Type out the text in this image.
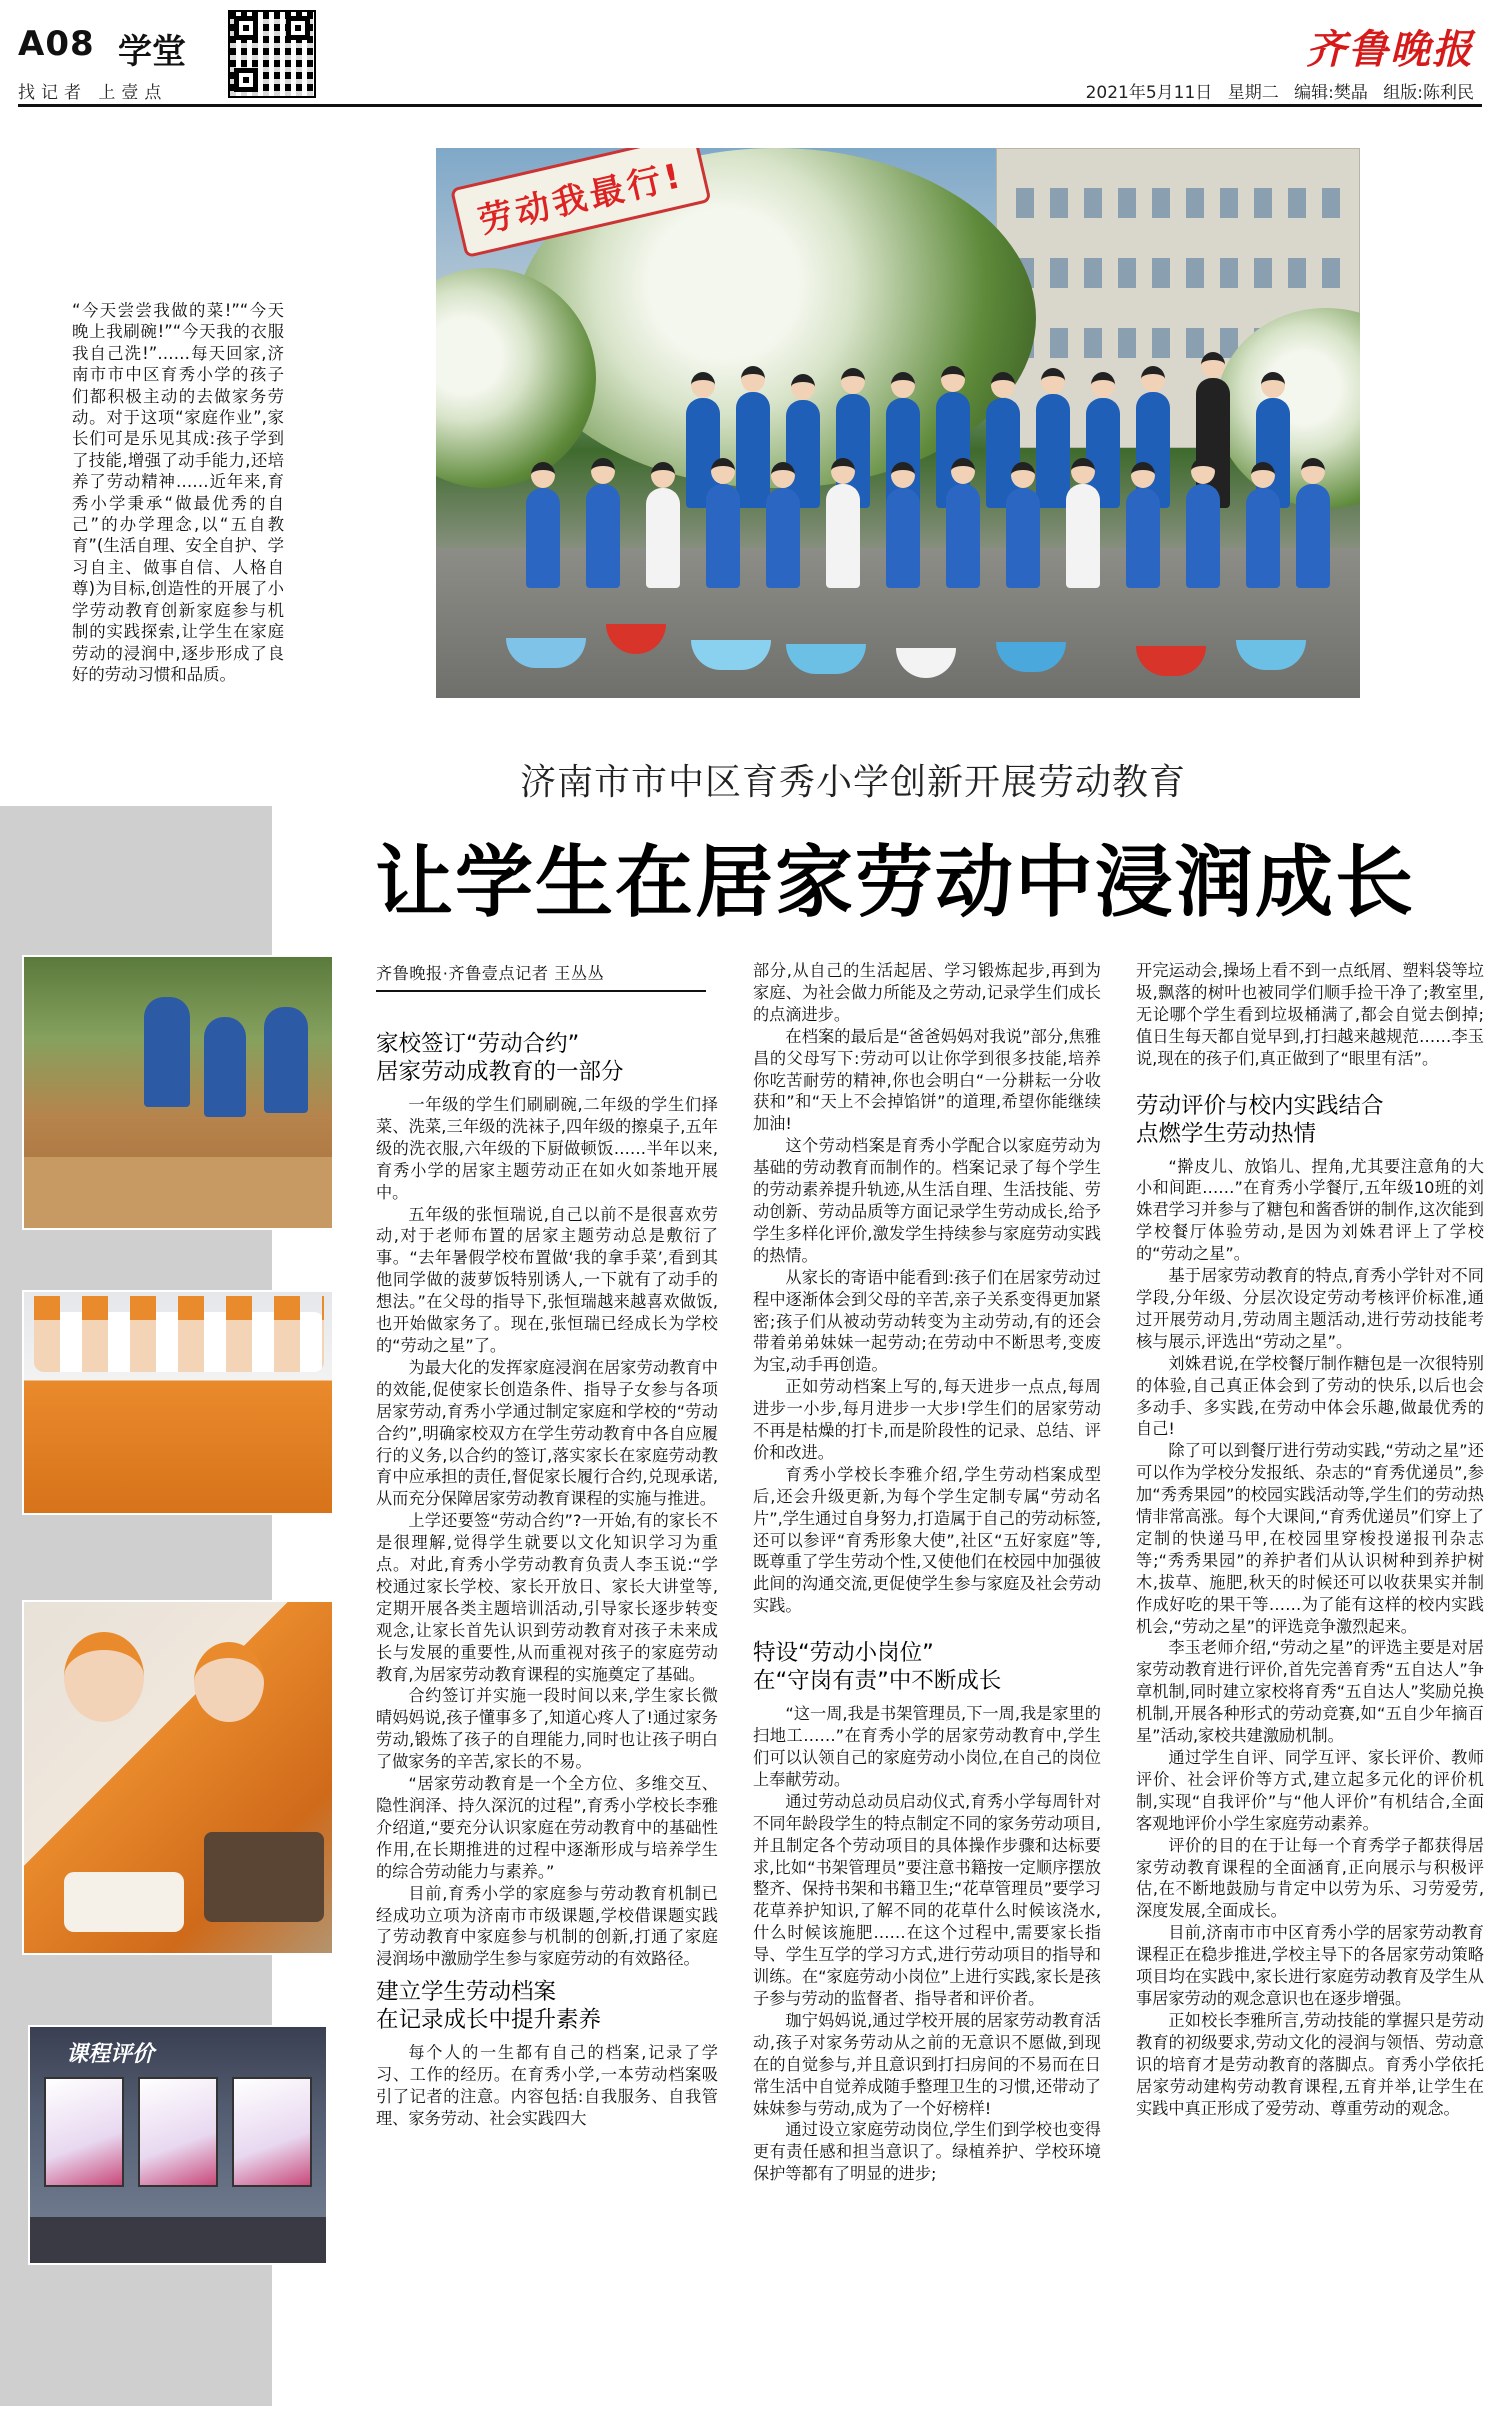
A08 学堂
找记者 上壹点
齐鲁晚报
2021年5月11日 星期二 编辑:樊晶 组版:陈利民
劳动我最行!
“今天尝尝我做的菜!”“今天晚上我刷碗!”“今天我的衣服我自己洗!”……每天回家,济南市市中区育秀小学的孩子们都积极主动的去做家务劳动。对于这项“家庭作业”,家长们可是乐见其成:孩子学到了技能,增强了动手能力,还培养了劳动精神……近年来,育秀小学秉承“做最优秀的自己”的办学理念,以“五自教育”(生活自理、安全自护、学习自主、做事自信、人格自尊)为目标,创造性的开展了小学劳动教育创新家庭参与机制的实践探索,让学生在家庭劳动的浸润中,逐步形成了良好的劳动习惯和品质。
济南市市中区育秀小学创新开展劳动教育
让学生在居家劳动中浸润成长
课程评价
齐鲁晚报·齐鲁壹点记者 王丛丛
家校签订“劳动合约”
居家劳动成教育的一部分

一年级的学生们刷刷碗,二年级的学生们择菜、洗菜,三年级的洗袜子,四年级的擦桌子,五年级的洗衣服,六年级的下厨做顿饭……半年以来,育秀小学的居家主题劳动正在如火如荼地开展中。

五年级的张恒瑞说,自己以前不是很喜欢劳动,对于老师布置的居家主题劳动总是敷衍了事。“去年暑假学校布置做‘我的拿手菜’,看到其他同学做的菠萝饭特别诱人,一下就有了动手的想法。”在父母的指导下,张恒瑞越来越喜欢做饭,也开始做家务了。现在,张恒瑞已经成长为学校的“劳动之星”了。

为最大化的发挥家庭浸润在居家劳动教育中的效能,促使家长创造条件、指导子女参与各项居家劳动,育秀小学通过制定家庭和学校的“劳动合约”,明确家校双方在学生劳动教育中各自应履行的义务,以合约的签订,落实家长在家庭劳动教育中应承担的责任,督促家长履行合约,兑现承诺,从而充分保障居家劳动教育课程的实施与推进。

上学还要签“劳动合约”?一开始,有的家长不是很理解,觉得学生就要以文化知识学习为重点。对此,育秀小学劳动教育负责人李玉说:“学校通过家长学校、家长开放日、家长大讲堂等,定期开展各类主题培训活动,引导家长逐步转变观念,让家长首先认识到劳动教育对孩子未来成长与发展的重要性,从而重视对孩子的家庭劳动教育,为居家劳动教育课程的实施奠定了基础。

合约签订并实施一段时间以来,学生家长微晴妈妈说,孩子懂事多了,知道心疼人了!通过家务劳动,锻炼了孩子的自理能力,同时也让孩子明白了做家务的辛苦,家长的不易。

“居家劳动教育是一个全方位、多维交互、隐性润泽、持久深沉的过程”,育秀小学校长李雅介绍道,“要充分认识家庭在劳动教育中的基础性作用,在长期推进的过程中逐渐形成与培养学生的综合劳动能力与素养。”

目前,育秀小学的家庭参与劳动教育机制已经成功立项为济南市市级课题,学校借课题实践了劳动教育中家庭参与机制的创新,打通了家庭浸润场中激励学生参与家庭劳动的有效路径。

建立学生劳动档案
在记录成长中提升素养

每个人的一生都有自己的档案,记录了学习、工作的经历。在育秀小学,一本劳动档案吸引了记者的注意。内容包括:自我服务、自我管理、家务劳动、社会实践四大

部分,从自己的生活起居、学习锻炼起步,再到为家庭、为社会做力所能及之劳动,记录学生们成长的点滴进步。

在档案的最后是“爸爸妈妈对我说”部分,焦雅昌的父母写下:劳动可以让你学到很多技能,培养你吃苦耐劳的精神,你也会明白“一分耕耘一分收获和”和“天上不会掉馅饼”的道理,希望你能继续加油!

这个劳动档案是育秀小学配合以家庭劳动为基础的劳动教育而制作的。档案记录了每个学生的劳动素养提升轨迹,从生活自理、生活技能、劳动创新、劳动品质等方面记录学生劳动成长,给予学生多样化评价,激发学生持续参与家庭劳动实践的热情。

从家长的寄语中能看到:孩子们在居家劳动过程中逐渐体会到父母的辛苦,亲子关系变得更加紧密;孩子们从被动劳动转变为主动劳动,有的还会带着弟弟妹妹一起劳动;在劳动中不断思考,变废为宝,动手再创造。

正如劳动档案上写的,每天进步一点点,每周进步一小步,每月进步一大步!学生们的居家劳动不再是枯燥的打卡,而是阶段性的记录、总结、评价和改进。

育秀小学校长李雅介绍,学生劳动档案成型后,还会升级更新,为每个学生定制专属“劳动名片”,学生通过自身努力,打造属于自己的劳动标签,还可以参评“育秀形象大使”,社区“五好家庭”等,既尊重了学生劳动个性,又使他们在校园中加强彼此间的沟通交流,更促使学生参与家庭及社会劳动实践。

特设“劳动小岗位”
在“守岗有责”中不断成长

“这一周,我是书架管理员,下一周,我是家里的扫地工……”在育秀小学的居家劳动教育中,学生们可以认领自己的家庭劳动小岗位,在自己的岗位上奉献劳动。

通过劳动总动员启动仪式,育秀小学每周针对不同年龄段学生的特点制定不同的家务劳动项目,并且制定各个劳动项目的具体操作步骤和达标要求,比如“书架管理员”要注意书籍按一定顺序摆放整齐、保持书架和书籍卫生;“花草管理员”要学习花草养护知识,了解不同的花草什么时候该浇水,什么时候该施肥……在这个过程中,需要家长指导、学生互学的学习方式,进行劳动项目的指导和训练。在“家庭劳动小岗位”上进行实践,家长是孩子参与劳动的监督者、指导者和评价者。

珈宁妈妈说,通过学校开展的居家劳动教育活动,孩子对家务劳动从之前的无意识不愿做,到现在的自觉参与,并且意识到打扫房间的不易而在日常生活中自觉养成随手整理卫生的习惯,还带动了妹妹参与劳动,成为了一个好榜样!

通过设立家庭劳动岗位,学生们到学校也变得更有责任感和担当意识了。绿植养护、学校环境保护等都有了明显的进步;

开完运动会,操场上看不到一点纸屑、塑料袋等垃圾,飘落的树叶也被同学们顺手捡干净了;教室里,无论哪个学生看到垃圾桶满了,都会自觉去倒掉;值日生每天都自觉早到,打扫越来越规范……李玉说,现在的孩子们,真正做到了“眼里有活”。

劳动评价与校内实践结合
点燃学生劳动热情

“擀皮儿、放馅儿、捏角,尤其要注意角的大小和间距……”在育秀小学餐厅,五年级10班的刘姝君学习并参与了糖包和酱香饼的制作,这次能到学校餐厅体验劳动,是因为刘姝君评上了学校的“劳动之星”。

基于居家劳动教育的特点,育秀小学针对不同学段,分年级、分层次设定劳动考核评价标准,通过开展劳动月,劳动周主题活动,进行劳动技能考核与展示,评选出“劳动之星”。

刘姝君说,在学校餐厅制作糖包是一次很特别的体验,自己真正体会到了劳动的快乐,以后也会多动手、多实践,在劳动中体会乐趣,做最优秀的自己!

除了可以到餐厅进行劳动实践,“劳动之星”还可以作为学校分发报纸、杂志的“育秀优递员”,参加“秀秀果园”的校园实践活动等,学生们的劳动热情非常高涨。每个大课间,“育秀优递员”们穿上了定制的快递马甲,在校园里穿梭投递报刊杂志等;“秀秀果园”的养护者们从认识树种到养护树木,拔草、施肥,秋天的时候还可以收获果实并制作成好吃的果干等……为了能有这样的校内实践机会,“劳动之星”的评选竞争激烈起来。

李玉老师介绍,“劳动之星”的评选主要是对居家劳动教育进行评价,首先完善育秀“五自达人”争章机制,同时建立家校将育秀“五自达人”奖励兑换机制,开展各种形式的劳动竞赛,如“五自少年摘百星”活动,家校共建激励机制。

通过学生自评、同学互评、家长评价、教师评价、社会评价等方式,建立起多元化的评价机制,实现“自我评价”与“他人评价”有机结合,全面客观地评价小学生家庭劳动素养。

评价的目的在于让每一个育秀学子都获得居家劳动教育课程的全面涵育,正向展示与积极评估,在不断地鼓励与肯定中以劳为乐、习劳爱劳,深度发展,全面成长。

目前,济南市市中区育秀小学的居家劳动教育课程正在稳步推进,学校主导下的各居家劳动策略项目均在实践中,家长进行家庭劳动教育及学生从事居家劳动的观念意识也在逐步增强。

正如校长李雅所言,劳动技能的掌握只是劳动教育的初级要求,劳动文化的浸润与领悟、劳动意识的培育才是劳动教育的落脚点。育秀小学依托居家劳动建构劳动教育课程,五育并举,让学生在实践中真正形成了爱劳动、尊重劳动的观念。
